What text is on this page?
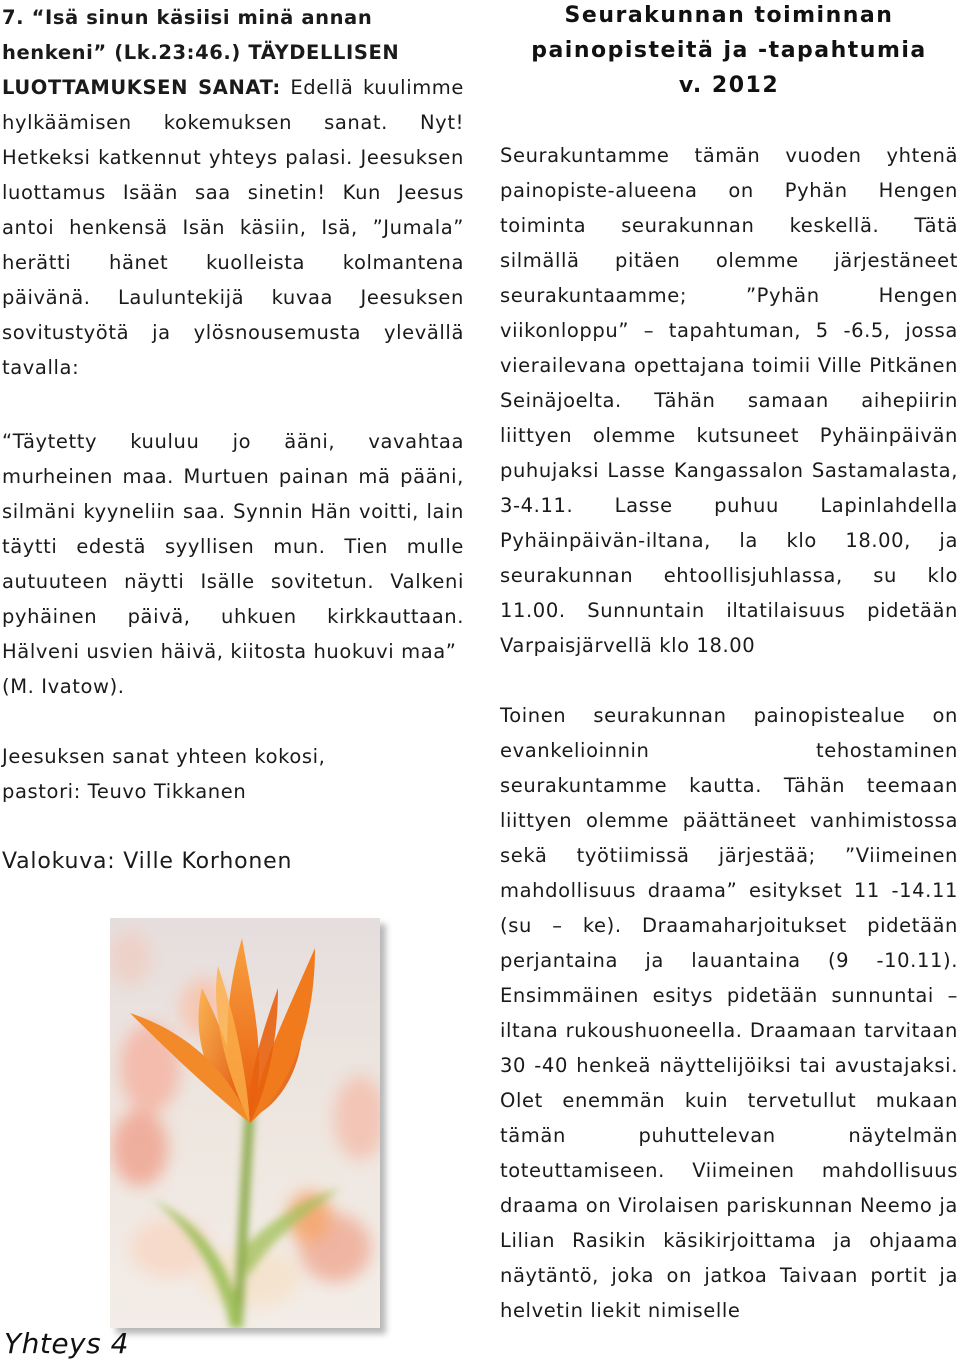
7. “Isä sinun käsiisi minä annan
henkeni” (Lk.23:46.) TÄYDELLISEN
LUOTTAMUKSEN SANAT: Edellä kuulimme hylkäämisen kokemuksen sanat. Nyt! Hetkeksi katkennut yhteys palasi. Jeesuksen luottamus Isään saa sinetin! Kun Jeesus antoi henkensä Isän käsiin, Isä, ”Jumala” herätti hänet kuolleista kolmantena päivänä. Lauluntekijä kuvaa Jeesuksen sovitustyötä ja ylösnousemusta ylevällä tavalla:

“Täytetty kuuluu jo ääni, vavahtaa murheinen maa. Murtuen painan mä pääni, silmäni kyyneliin saa. Synnin Hän voitti, lain täytti edestä syyllisen mun. Tien mulle autuuteen näytti Isälle sovitetun. Valkeni pyhäinen päivä, uhkuen kirkkauttaan. Hälveni usvien häivä, kiitosta huokuvi maa”
(M. Ivatow).

Jeesuksen sanat yhteen kokosi,
pastori: Teuvo Tikkanen

Valokuva: Ville Korhonen

Seurakunnan toiminnan
painopisteitä ja -tapahtumia
v. 2012

Seurakuntamme tämän vuoden yhtenä painopiste-alueena on Pyhän Hengen toiminta seurakunnan keskellä. Tätä silmällä pitäen olemme järjestäneet seurakuntaamme; ”Pyhän Hengen viikonloppu” – tapahtuman, 5 -6.5, jossa vierailevana opettajana toimii Ville Pitkänen Seinäjoelta. Tähän samaan aihepiirin liittyen olemme kutsuneet Pyhäinpäivän puhujaksi Lasse Kangassalon Sastamalasta, 3-4.11. Lasse puhuu Lapinlahdella Pyhäinpäivän-iltana, la klo 18.00, ja seurakunnan ehtoollisjuhlassa, su klo 11.00. Sunnuntain iltatilaisuus pidetään Varpaisjärvellä klo 18.00

Toinen seurakunnan painopistealue on evankelioinnin tehostaminen seurakuntamme kautta. Tähän teemaan liittyen olemme päättäneet vanhimistossa sekä työtiimissä järjestää; ”Viimeinen mahdollisuus draama” esitykset 11 -14.11 (su – ke). Draamaharjoitukset pidetään perjantaina ja lauantaina (9 -10.11). Ensimmäinen esitys pidetään sunnuntai – iltana rukoushuoneella. Draamaan tarvitaan 30 -40 henkeä näyttelijöiksi tai avustajaksi. Olet enemmän kuin tervetullut mukaan tämän puhuttelevan näytelmän toteuttamiseen. Viimeinen mahdollisuus draama on Virolaisen pariskunnan Neemo ja Lilian Rasikin käsikirjoittama ja ohjaama näytäntö, joka on jatkoa Taivaan portit ja helvetin liekit nimiselle

Yhteys 4
